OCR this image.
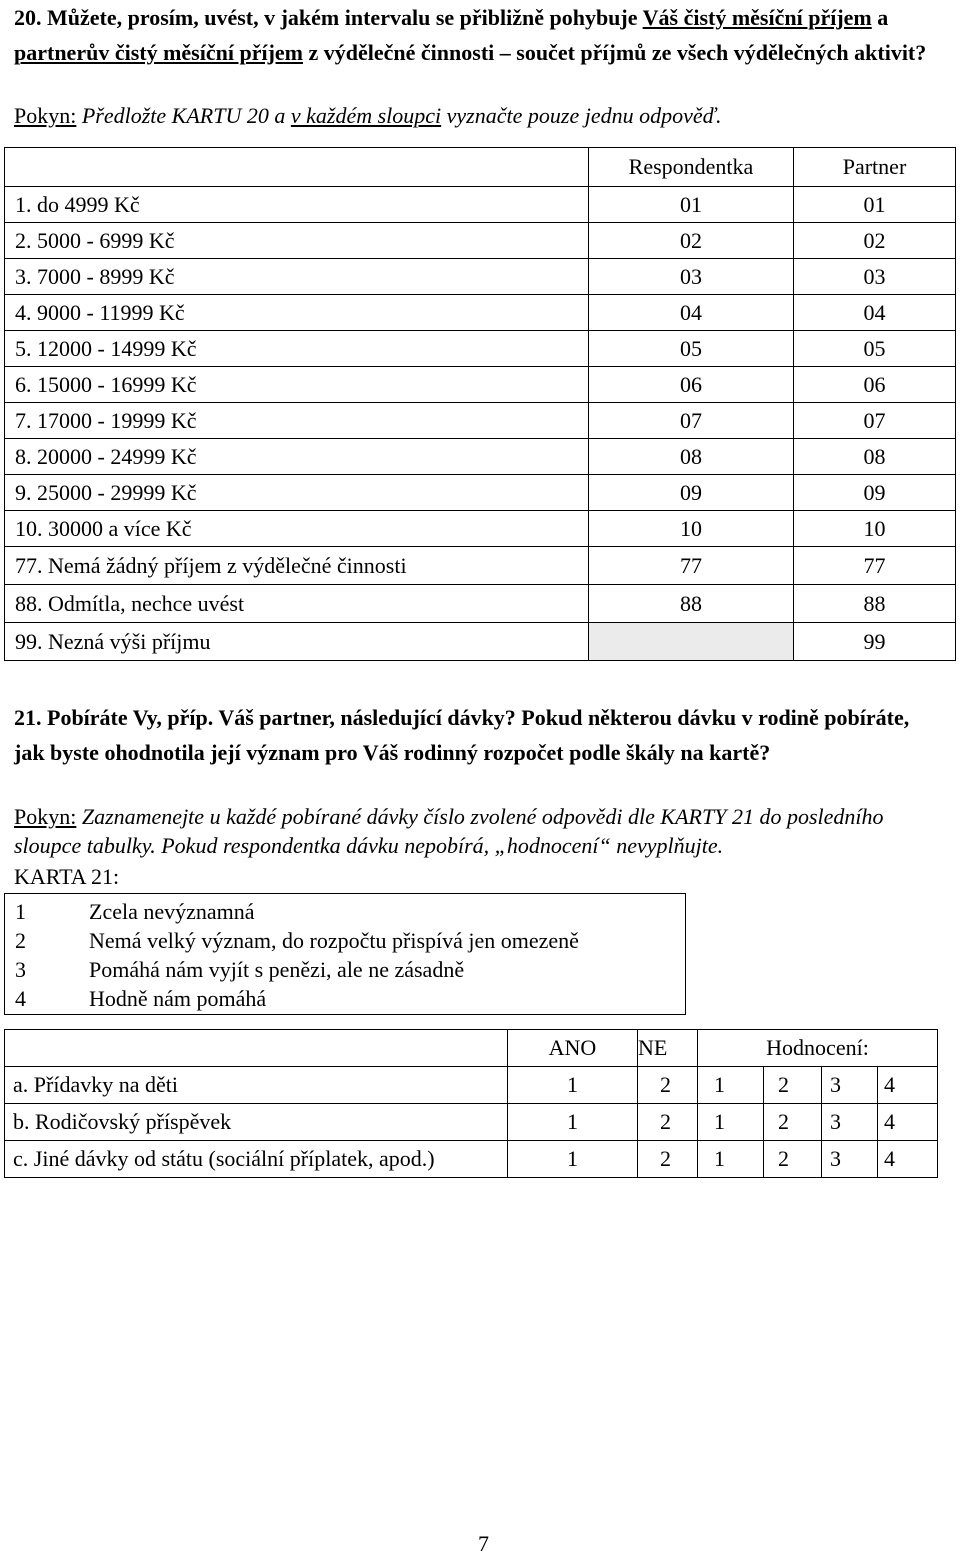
20. Můžete, prosím, uvést, v jakém intervalu se přibližně pohybuje Váš čistý měsíční příjem a partnerův čistý měsíční příjem z výdělečné činnosti – součet příjmů ze všech výdělečných aktivit?
Pokyn: Předložte KARTU 20 a v každém sloupci vyznačte pouze jednu odpověď.
	Respondentka	Partner
1. do 4999 Kč	01	01
2. 5000 - 6999 Kč	02	02
3. 7000 - 8999 Kč	03	03
4. 9000 - 11999 Kč	04	04
5. 12000 - 14999 Kč	05	05
6. 15000 - 16999 Kč	06	06
7. 17000 - 19999 Kč	07	07
8. 20000 - 24999 Kč	08	08
9. 25000 - 29999 Kč	09	09
10. 30000 a více Kč	10	10
77. Nemá žádný příjem z výdělečné činnosti	77	77
88. Odmítla, nechce uvést	88	88
99. Nezná výši příjmu		99
21. Pobíráte Vy, příp. Váš partner, následující dávky? Pokud některou dávku v rodině pobíráte, jak byste ohodnotila její význam pro Váš rodinný rozpočet podle škály na kartě?
Pokyn: Zaznamenejte u každé pobírané dávky číslo zvolené odpovědi dle KARTY 21 do posledního sloupce tabulky. Pokud respondentka dávku nepobírá, „hodnocení“ nevyplňujte.
KARTA 21:
1	Zcela nevýznamná
2	Nemá velký význam, do rozpočtu přispívá jen omezeně
3	Pomáhá nám vyjít s penězi, ale ne zásadně
4	Hodně nám pomáhá
	ANO	NE	Hodnocení:			
a. Přídavky na děti	1	2	1	2	3	4
b. Rodičovský příspěvek	1	2	1	2	3	4
c. Jiné dávky od státu (sociální příplatek, apod.)	1	2	1	2	3	4
7
